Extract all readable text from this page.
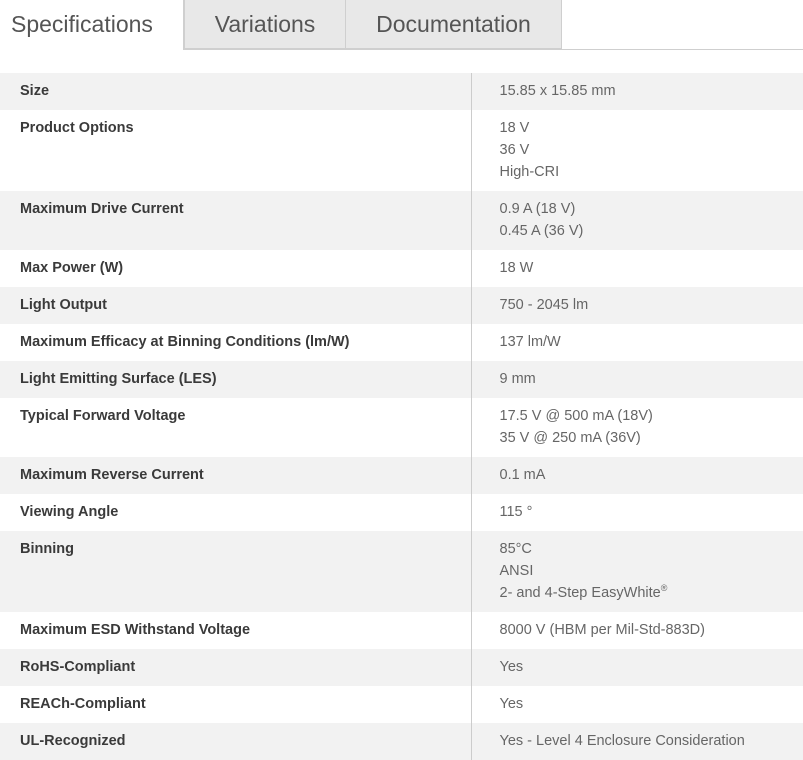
Specifications	Variations	Documentation
Size	15.85 x 15.85 mm

Product Options	18 V
36 V
High-CRI

Maximum Drive Current	0.9 A (18 V)
0.45 A (36 V)

Max Power (W)	18 W

Light Output	750 - 2045 lm

Maximum Efficacy at Binning Conditions (lm/W)	137 lm/W

Light Emitting Surface (LES)	9 mm

Typical Forward Voltage	17.5 V @ 500 mA (18V)
35 V @ 250 mA (36V)

Maximum Reverse Current	0.1 mA

Viewing Angle	115 °

Binning	85°C
ANSI
2- and 4-Step EasyWhite®

Maximum ESD Withstand Voltage	8000 V (HBM per Mil-Std-883D)

RoHS-Compliant	Yes

REACh-Compliant	Yes

UL-Recognized	Yes - Level 4 Enclosure Consideration
